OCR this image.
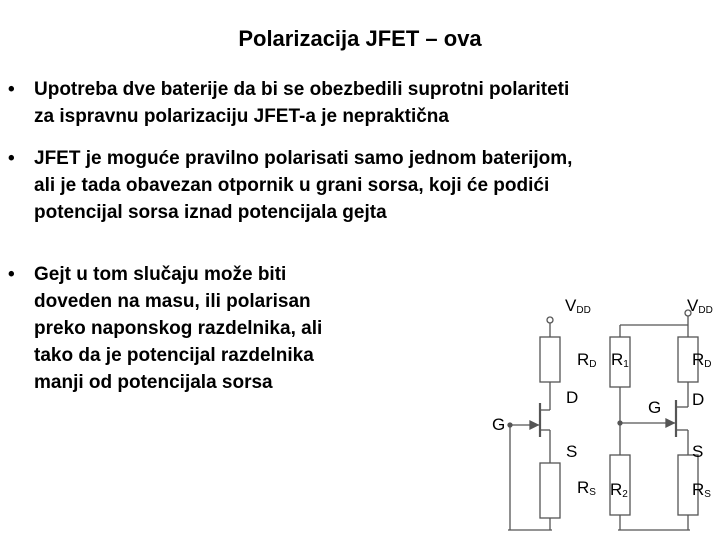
Polarizacija JFET – ova
• Upotreba dve baterije da bi se obezbedili suprotni polariteti
za ispravnu polarizaciju JFET-a je nepraktična
• JFET je moguće pravilno polarisati samo jednom baterijom,
ali je tada obavezan otpornik u grani sorsa, koji će podići
potencijal sorsa iznad potencijala gejta
• Gejt u tom slučaju može biti
doveden na masu, ili polarisan
preko naponskog razdelnika, ali
tako da je potencijal razdelnika
manji od potencijala sorsa
VDD
RD
D
G
S
RS
VDD
R1	RD
G D
S
R2	RS
